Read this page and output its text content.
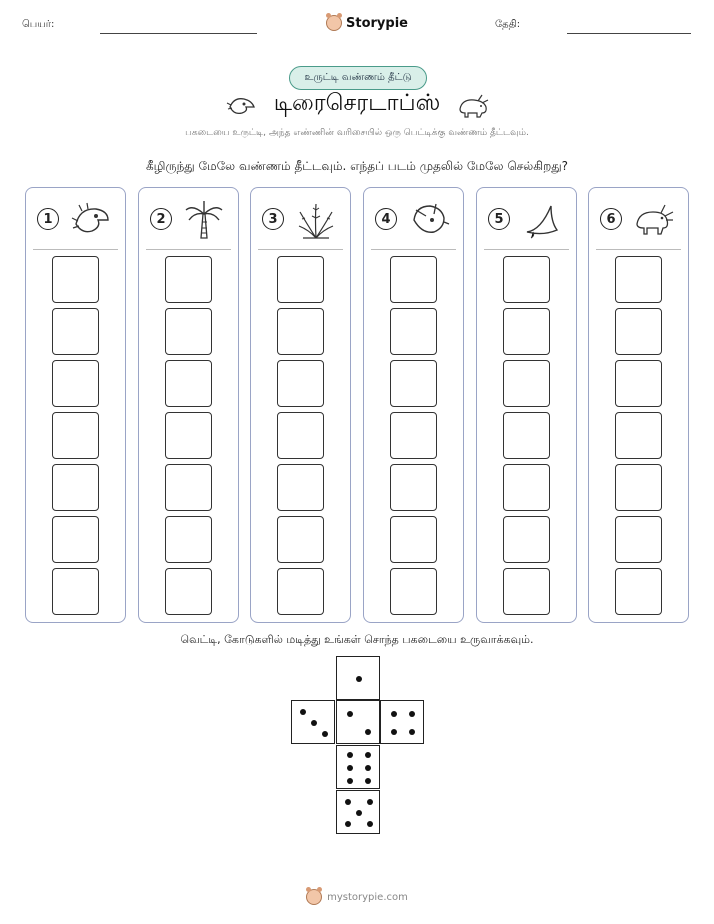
பெயர்:	Storypie	தேதி:
உருட்டி வண்ணம் தீட்டு
டிரைசெரடாப்ஸ்
பகடையை உருட்டி, அந்த எண்ணின் வரிசையில் ஒரு பெட்டிக்கு வண்ணம் தீட்டவும்.
கீழிருந்து மேலே வண்ணம் தீட்டவும். எந்தப் படம் முதலில் மேலே செல்கிறது?
1	2	3	4	5	6
வெட்டி, கோடுகளில் மடித்து உங்கள் சொந்த பகடையை உருவாக்கவும்.
mystorypie.com
